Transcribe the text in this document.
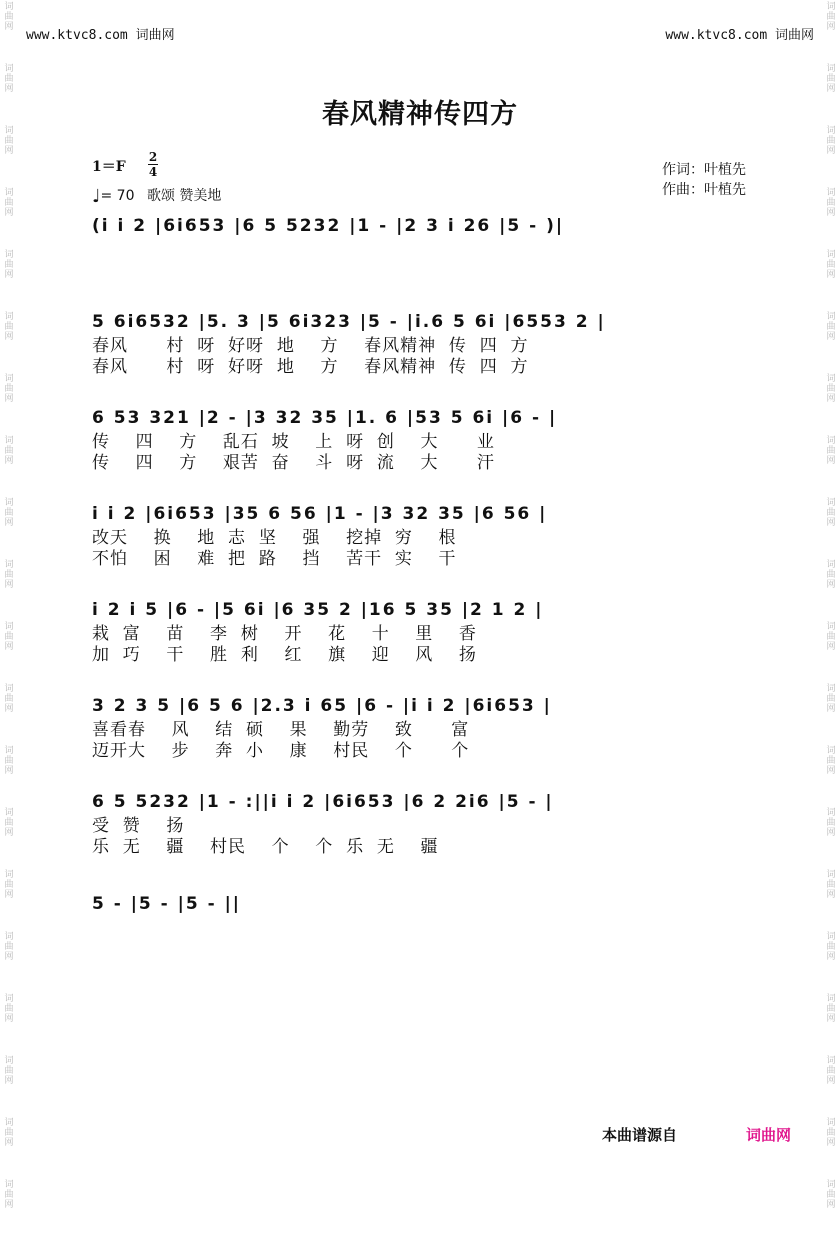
词
曲
网
词
曲
网
词
曲
网
词
曲
网
词
曲
网
词
曲
网
词
曲
网
词
曲
网
词
曲
网
词
曲
网
词
曲
网
词
曲
网
词
曲
网
词
曲
网
词
曲
网
词
曲
网
词
曲
网
词
曲
网
词
曲
网
词
曲
网
词
曲
网
词
曲
网
词
曲
网
词
曲
网
词
曲
网
词
曲
网
词
曲
网
词
曲
网
词
曲
网
词
曲
网
词
曲
网
词
曲
网
词
曲
网
词
曲
网
词
曲
网
词
曲
网
词
曲
网
词
曲
网
词
曲
网
词
曲
网
www.ktvc8.com 词曲网	www.ktvc8.com 词曲网
春风精神传四方
1＝F
2
4
♩= 70 歌颂 赞美地
作词：叶植先
作曲：叶植先
(i i 2 |6i653 |6 5 5232 |1 - |2 3 i 26 |5 - )|
5 6i6532 |5. 3 |5 6i323 |5 - |i.6 5 6i |6553 2 |
春风      村  呀  好呀  地    方    春风精神  传  四  方
春风      村  呀  好呀  地    方    春风精神  传  四  方
6 53 321 |2 - |3 32 35 |1. 6 |53 5 6i |6 - |
传    四    方    乱石  坡    上  呀  创    大      业
传    四    方    艰苦  奋    斗  呀  流    大      汗
i i 2 |6i653 |35 6 56 |1 - |3 32 35 |6 56 |
改天    换    地  志  坚    强    挖掉  穷    根
不怕    困    难  把  路    挡    苦干  实    干
i 2 i 5 |6 - |5 6i |6 35 2 |16 5 35 |2 1 2 |
栽  富    苗    李  树    开    花    十    里    香
加  巧    干    胜  利    红    旗    迎    风    扬
3 2 3 5 |6 5 6 |2.3 i 65 |6 - |i i 2 |6i653 |
喜看春    风    结  硕    果    勤劳    致      富
迈开大    步    奔  小    康    村民    个      个
6 5 5232 |1 - :||i i 2 |6i653 |6 2 2i6 |5 - |
受  赞    扬
乐  无    疆    村民    个    个  乐  无    疆
5 - |5 - |5 - ||
本曲谱源自	词曲网
